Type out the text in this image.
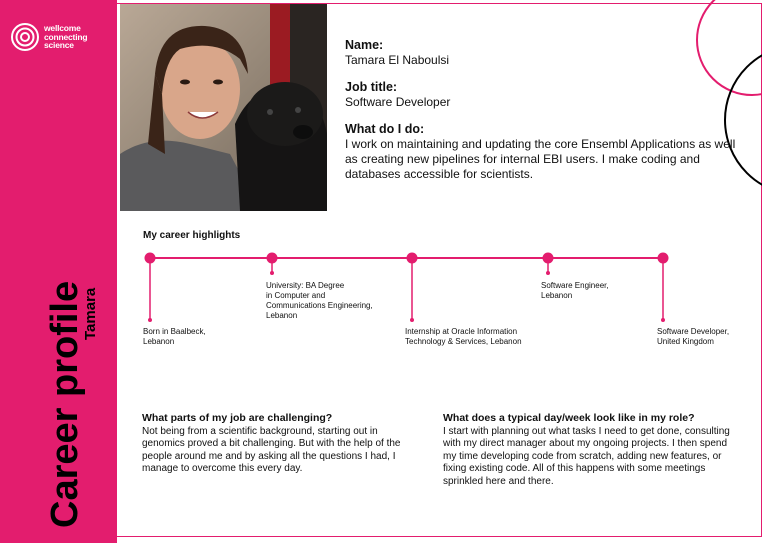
wellcome
connecting
science
Career profile
Tamara
Name:
Tamara El Naboulsi
Job title:
Software Developer
What do I do:
I work on maintaining and updating the core Ensembl Applications as well as creating new pipelines for internal EBI users. I make coding and databases accessible for scientists.
My career highlights
Born in Baalbeck,
Lebanon
University: BA Degree
in Computer and
Communications Engineering,
Lebanon
Internship at Oracle Information
Technology & Services, Lebanon
Software Engineer,
Lebanon
Software Developer,
United Kingdom
What parts of my job are challenging?
Not being from a scientific background, starting out in genomics proved a bit challenging. But with the help of the people around me and by asking all the questions I had, I manage to overcome this every day.
What does a typical day/week look like in my role?
I start with planning out what tasks I need to get done, consulting with my direct manager about my ongoing projects. I then spend my time developing code from scratch, adding new features, or fixing existing code. All of this happens with some meetings sprinkled here and there.
